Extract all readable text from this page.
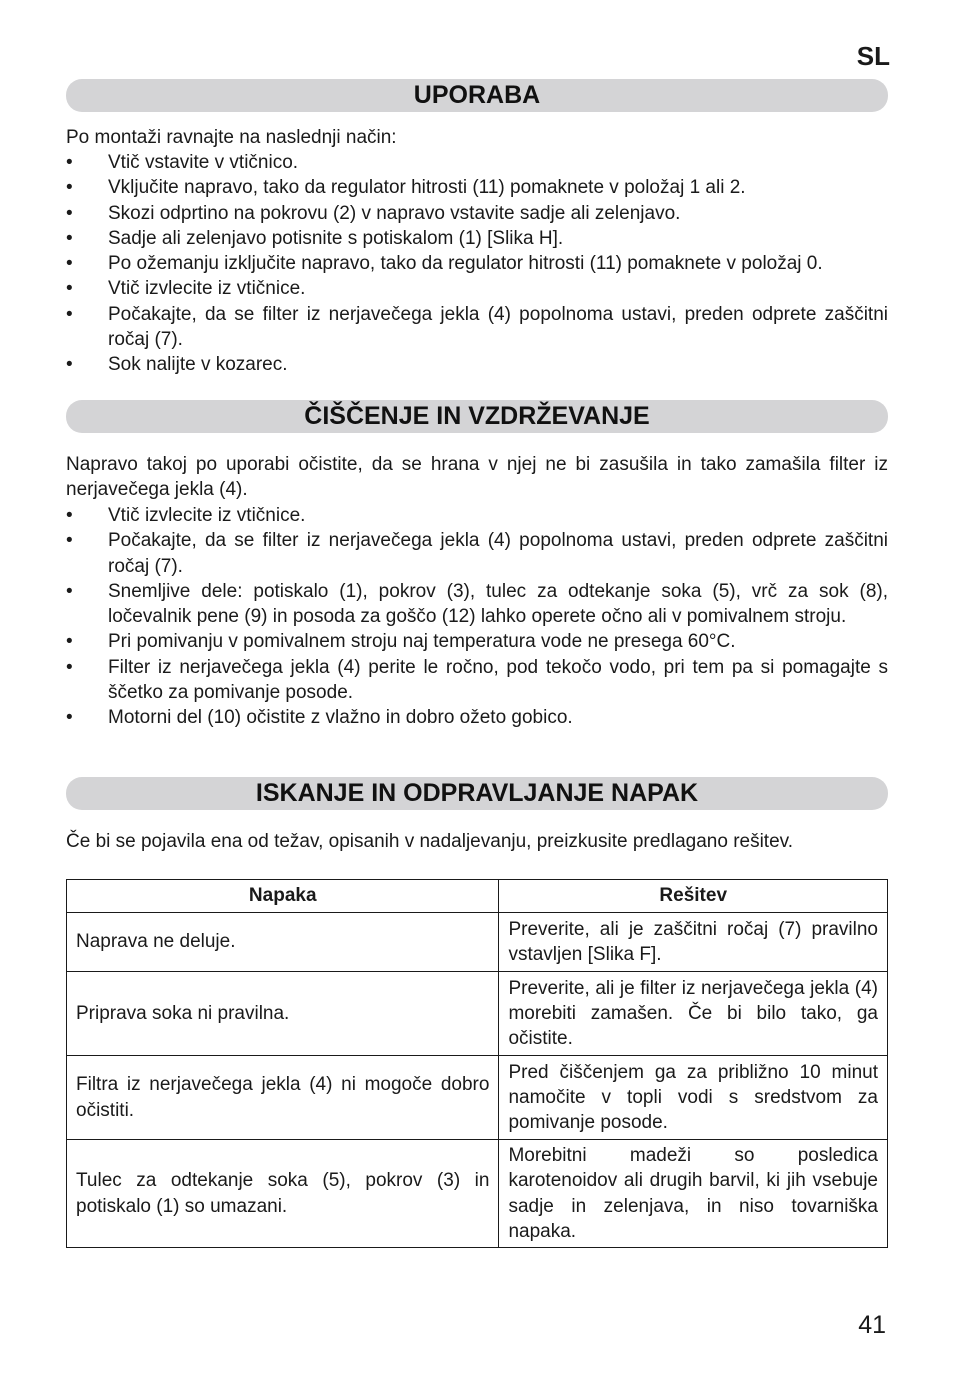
SL
UPORABA
Po montaži ravnajte na naslednji način:
• Vtič vstavite v vtičnico.
• Vključite napravo, tako da regulator hitrosti (11) pomaknete v položaj 1 ali 2.
• Skozi odprtino na pokrovu (2) v napravo vstavite sadje ali zelenjavo.
• Sadje ali zelenjavo potisnite s potiskalom (1) [Slika H].
• Po ožemanju izključite napravo, tako da regulator hitrosti (11) pomaknete v položaj 0.
• Vtič izvlecite iz vtičnice.
• Počakajte, da se filter iz nerjavečega jekla (4) popolnoma ustavi, preden odprete zaščitni ročaj (7).
• Sok nalijte v kozarec.
ČIŠČENJE IN VZDRŽEVANJE
Napravo takoj po uporabi očistite, da se hrana v njej ne bi zasušila in tako zamašila filter iz nerjavečega jekla (4).
• Vtič izvlecite iz vtičnice.
• Počakajte, da se filter iz nerjavečega jekla (4) popolnoma ustavi, preden odprete zaščitni ročaj (7).
• Snemljive dele: potiskalo (1), pokrov (3), tulec za odtekanje soka (5), vrč za sok (8), ločevalnik pene (9) in posoda za goščo (12) lahko operete očno ali v pomivalnem stroju.
• Pri pomivanju v pomivalnem stroju naj temperatura vode ne presega 60°C.
• Filter iz nerjavečega jekla (4) perite le ročno, pod tekočo vodo, pri tem pa si pomagajte s ščetko za pomivanje posode.
• Motorni del (10) očistite z vlažno in dobro ožeto gobico.
ISKANJE IN ODPRAVLJANJE NAPAK
Če bi se pojavila ena od težav, opisanih v nadaljevanju, preizkusite predlagano rešitev.
Napaka	Rešitev
Naprava ne deluje.	Preverite, ali je zaščitni ročaj (7) pravilno vstavljen [Slika F].
Priprava soka ni pravilna.	Preverite, ali je filter iz nerjavečega jekla (4) morebiti zamašen. Če bi bilo tako, ga očistite.
Filtra iz nerjavečega jekla (4) ni mogoče dobro očistiti.	Pred čiščenjem ga za približno 10 minut namočite v topli vodi s sredstvom za pomivanje posode.
Tulec za odtekanje soka (5), pokrov (3) in potiskalo (1) so umazani.	Morebitni madeži so posledica karotenoidov ali drugih barvil, ki jih vsebuje sadje in zelenjava, in niso tovarniška napaka.
41
